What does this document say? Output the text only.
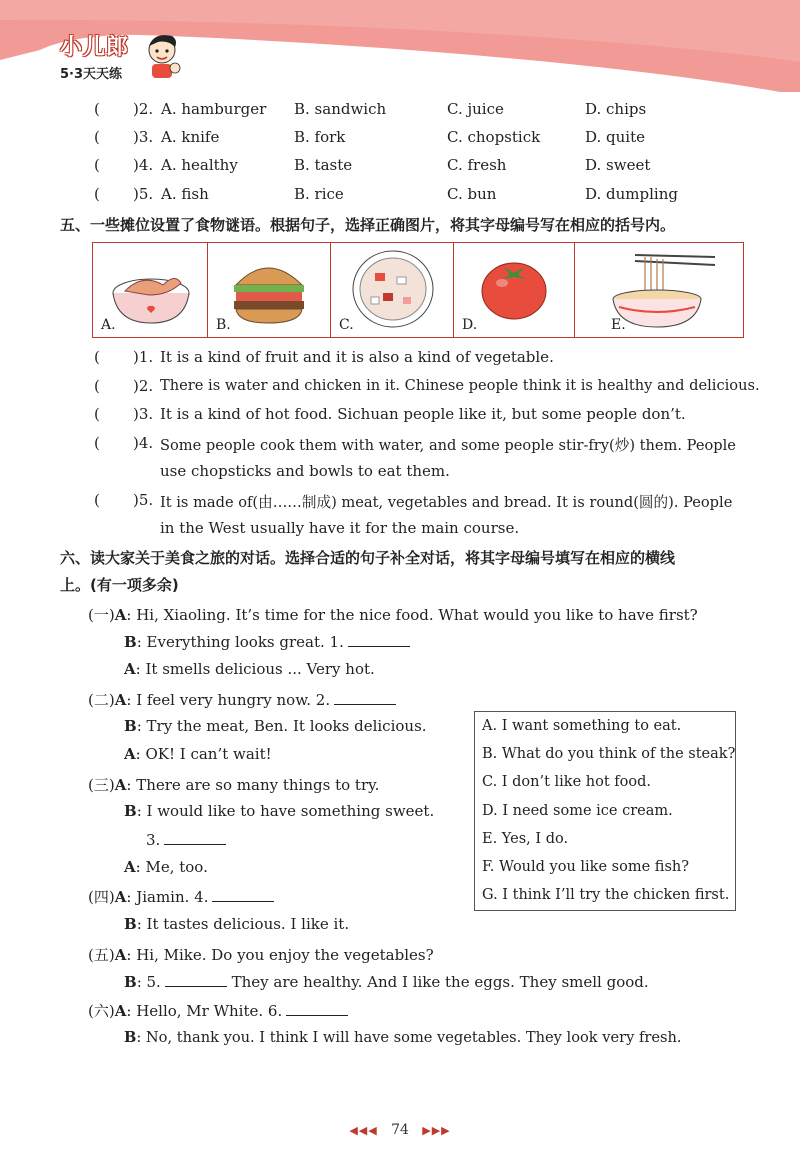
小儿郎
5·3天天练
( )2. A. hamburger B. sandwich	C. juice	D. chips
( )3. A. knife	B. fork	C. chopstick	D. quite
( )4. A. healthy	B. taste	C. fresh	D. sweet
( )5. A. fish	B. rice	C. bun	D. dumpling
五、一些摊位设置了食物谜语。根据句子，选择正确图片，将其字母编号写在相应的括号内。
A.	B.	C.	D.	E.
( )1. It is a kind of fruit and it is also a kind of vegetable.
( )2. There is water and chicken in it. Chinese people think it is healthy and delicious.
( )3. It is a kind of hot food. Sichuan people like it, but some people don’t.
( )4. Some people cook them with water, and some people stir-fry(炒) them. People
use chopsticks and bowls to eat them.
( )5. It is made of(由……制成) meat, vegetables and bread. It is round(圆的). People
in the West usually have it for the main course.
六、读大家关于美食之旅的对话。选择合适的句子补全对话，将其字母编号填写在相应的横线
上。(有一项多余)
(一)A: Hi, Xiaoling. It’s time for the nice food. What would you like to have first?
B: Everything looks great. 1.
A: It smells delicious ... Very hot.
(二)A: I feel very hungry now. 2.
B: Try the meat, Ben. It looks delicious.
A: OK! I can’t wait!
(三)A: There are so many things to try.
B: I would like to have something sweet.
3.
A: Me, too.
(四)A: Jiamin. 4.
B: It tastes delicious. I like it.
(五)A: Hi, Mike. Do you enjoy the vegetables?
B: 5.	They are healthy. And I like the eggs. They smell good.
(六)A: Hello, Mr White. 6.
B: No, thank you. I think I will have some vegetables. They look very fresh.
A. I want something to eat.
B. What do you think of the steak?
C. I don’t like hot food.
D. I need some ice cream.
E. Yes, I do.
F. Would you like some fish?
G. I think I’ll try the chicken first.
◀◀◀ 74 ▶▶▶
